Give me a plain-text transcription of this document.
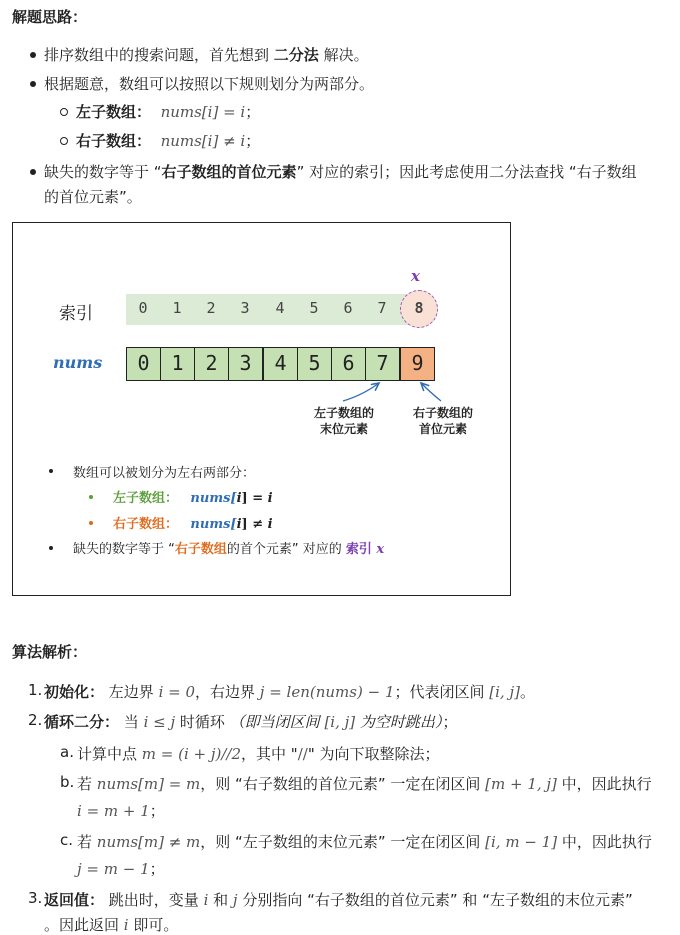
解题思路：
排序数组中的搜索问题，首先想到 二分法 解决。
根据题意，数组可以按照以下规则划分为两部分。
左子数组： nums[i] = i；
右子数组： nums[i] ≠ i；
缺失的数字等于 “右子数组的首位元素” 对应的索引；因此考虑使用二分法查找 “右子数组
的首位元素”。
x
索引	0	1	2	3	4	5	6	7	8
nums	0	1	2	3	4	5	6	7	9
左子数组的
末位元素
右子数组的
首位元素
数组可以被划分为左右两部分：
左子数组： nums[i] = i
右子数组： nums[i] ≠ i
缺失的数字等于 “右子数组的首个元素” 对应的 索引 x
算法解析：
1. 初始化： 左边界 i = 0，右边界 j = len(nums) − 1；代表闭区间 [i, j]。
2. 循环二分： 当 i ≤ j 时循环 （即当闭区间 [i, j] 为空时跳出）；
a. 计算中点 m = (i + j)//2，其中 "//" 为向下取整除法；
b. 若 nums[m] = m，则 “右子数组的首位元素” 一定在闭区间 [m + 1, j] 中，因此执行
i = m + 1；
c. 若 nums[m] ≠ m，则 “左子数组的末位元素” 一定在闭区间 [i, m − 1] 中，因此执行
j = m − 1；
3. 返回值： 跳出时，变量 i 和 j 分别指向 “右子数组的首位元素” 和 “左子数组的末位元素”
。因此返回 i 即可。
